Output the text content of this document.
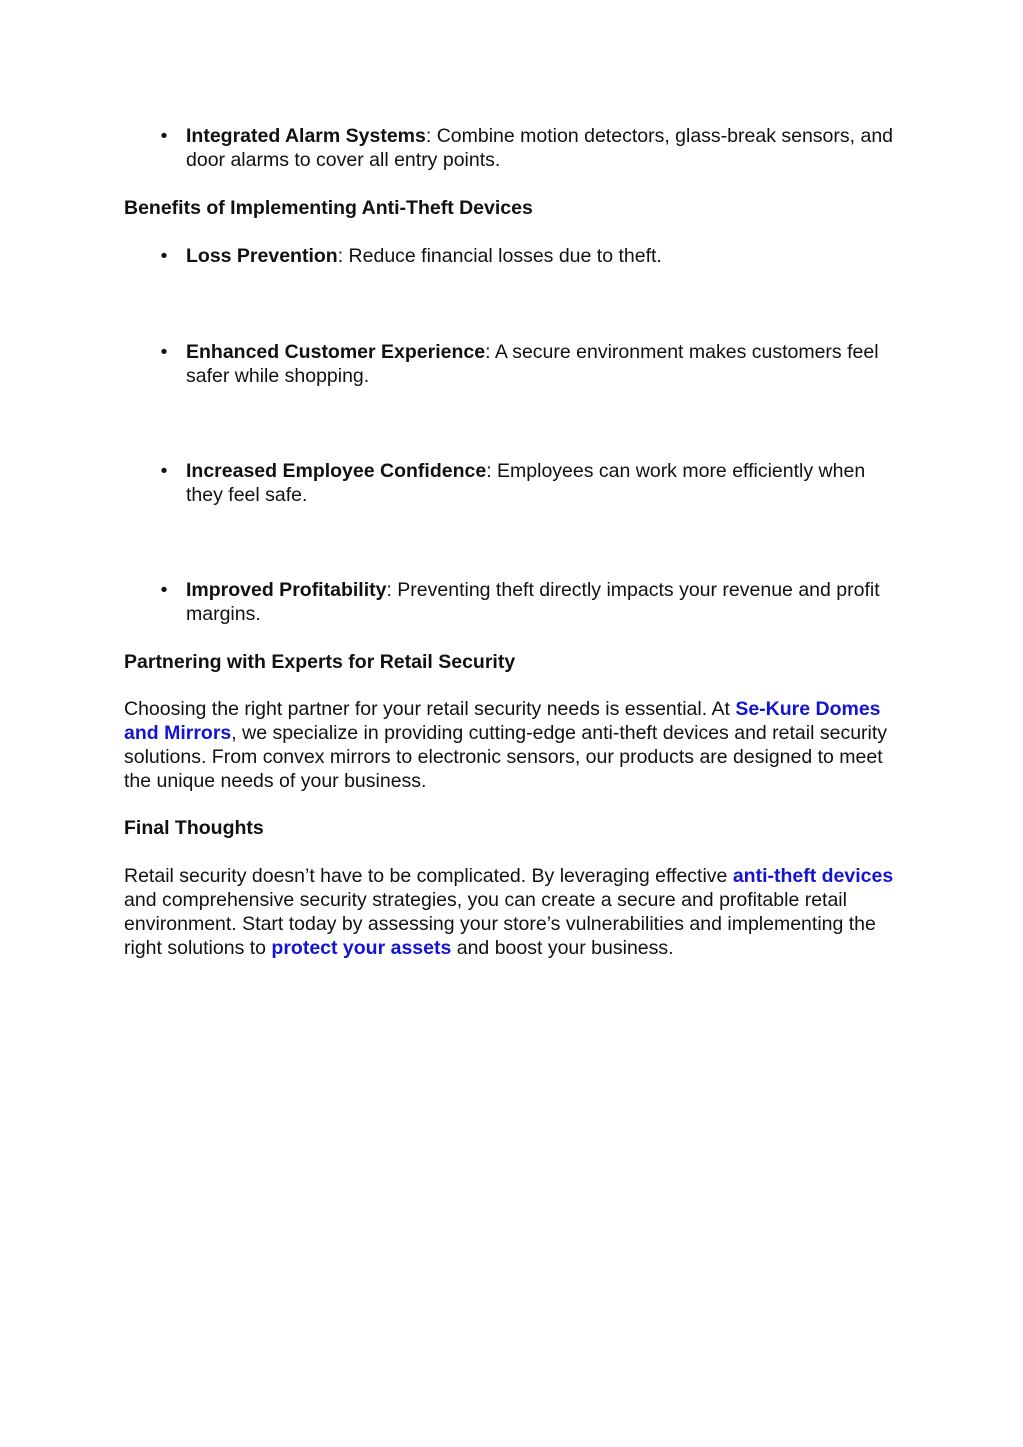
• Integrated Alarm Systems: Combine motion detectors, glass-break sensors, and door alarms to cover all entry points.
Benefits of Implementing Anti-Theft Devices
• Loss Prevention: Reduce financial losses due to theft.
• Enhanced Customer Experience: A secure environment makes customers feel safer while shopping.
• Increased Employee Confidence: Employees can work more efficiently when they feel safe.
• Improved Profitability: Preventing theft directly impacts your revenue and profit margins.
Partnering with Experts for Retail Security
Choosing the right partner for your retail security needs is essential. At Se-Kure Domes and Mirrors, we specialize in providing cutting-edge anti-theft devices and retail security solutions. From convex mirrors to electronic sensors, our products are designed to meet the unique needs of your business.
Final Thoughts
Retail security doesn’t have to be complicated. By leveraging effective anti-theft devices and comprehensive security strategies, you can create a secure and profitable retail environment. Start today by assessing your store’s vulnerabilities and implementing the right solutions to protect your assets and boost your business.
